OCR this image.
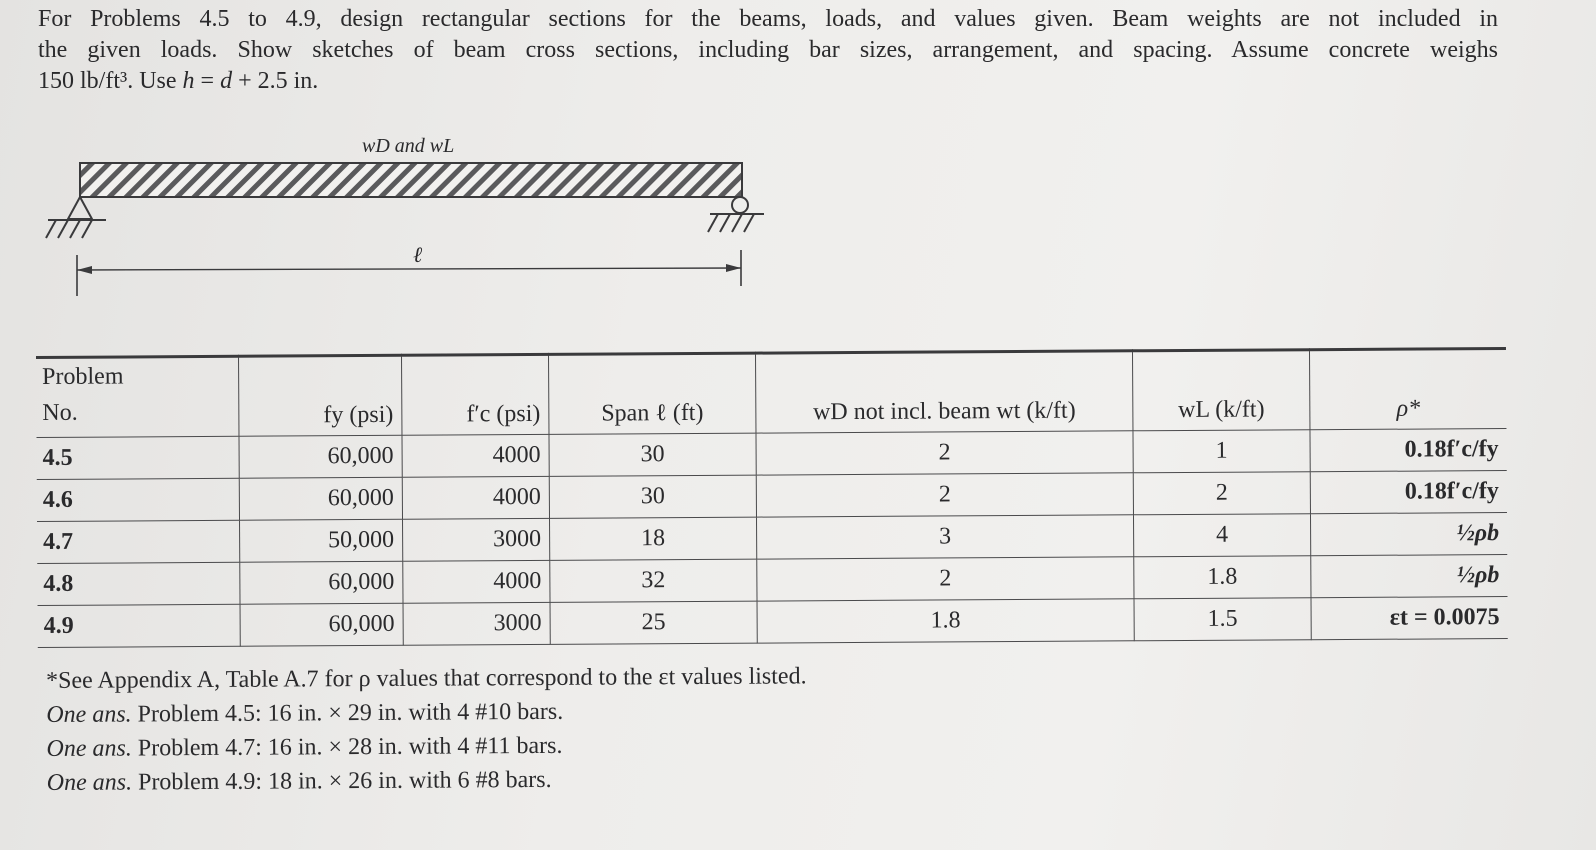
For Problems 4.5 to 4.9, design rectangular sections for the beams, loads, and values given. Beam weights are not included in
the given loads. Show sketches of beam cross sections, including bar sizes, arrangement, and spacing. Assume concrete weighs
150 lb/ft³. Use h = d + 2.5 in.
wD and wL
ℓ
Problem
No.	fy (psi)	f′c (psi)	Span ℓ (ft)	wD not incl. beam wt (k/ft)	wL (k/ft)	ρ*
4.5	60,000	4000	30	2	1	0.18f′c/fy
4.6	60,000	4000	30	2	2	0.18f′c/fy
4.7	50,000	3000	18	3	4	½ρb
4.8	60,000	4000	32	2	1.8	½ρb
4.9	60,000	3000	25	1.8	1.5	εt = 0.0075
*See Appendix A, Table A.7 for ρ values that correspond to the εt values listed.
One ans. Problem 4.5: 16 in. × 29 in. with 4 #10 bars.
One ans. Problem 4.7: 16 in. × 28 in. with 4 #11 bars.
One ans. Problem 4.9: 18 in. × 26 in. with 6 #8 bars.
